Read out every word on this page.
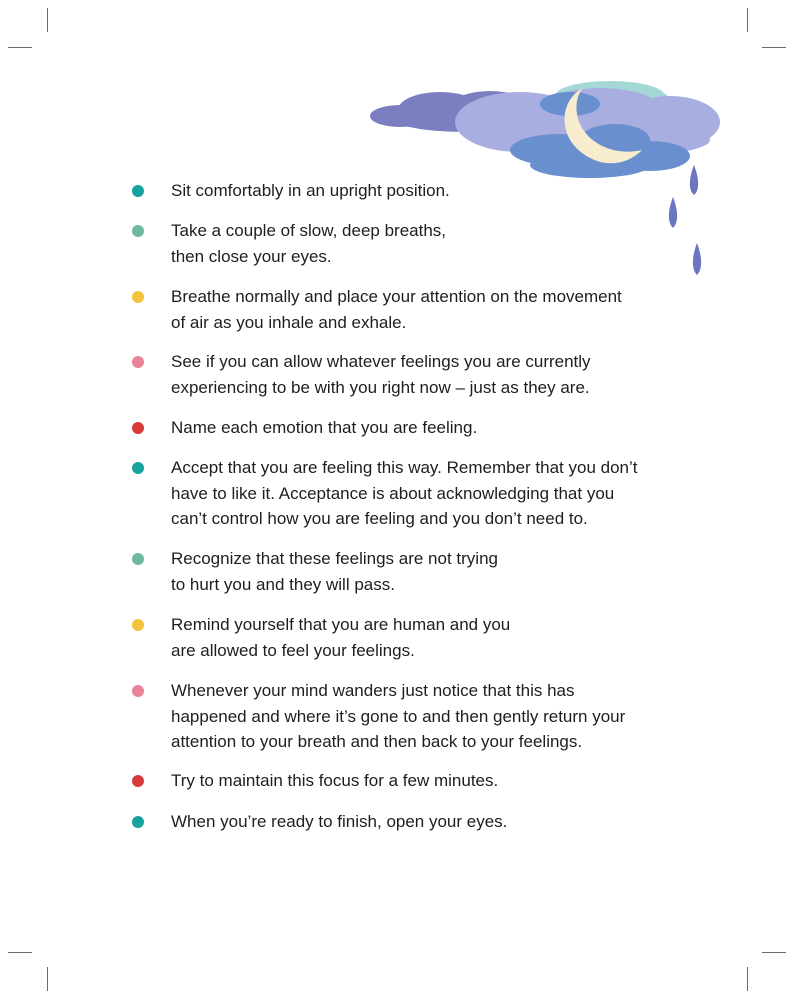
Sit comfortably in an upright position.
Take a couple of slow, deep breaths,
then close your eyes.
Breathe normally and place your attention on the movement
of air as you inhale and exhale.
See if you can allow whatever feelings you are currently
experiencing to be with you right now – just as they are.
Name each emotion that you are feeling.
Accept that you are feeling this way. Remember that you don’t
have to like it. Acceptance is about acknowledging that you
can’t control how you are feeling and you don’t need to.
Recognize that these feelings are not trying
to hurt you and they will pass.
Remind yourself that you are human and you
are allowed to feel your feelings.
Whenever your mind wanders just notice that this has
happened and where it’s gone to and then gently return your
attention to your breath and then back to your feelings.
Try to maintain this focus for a few minutes.
When you’re ready to finish, open your eyes.
